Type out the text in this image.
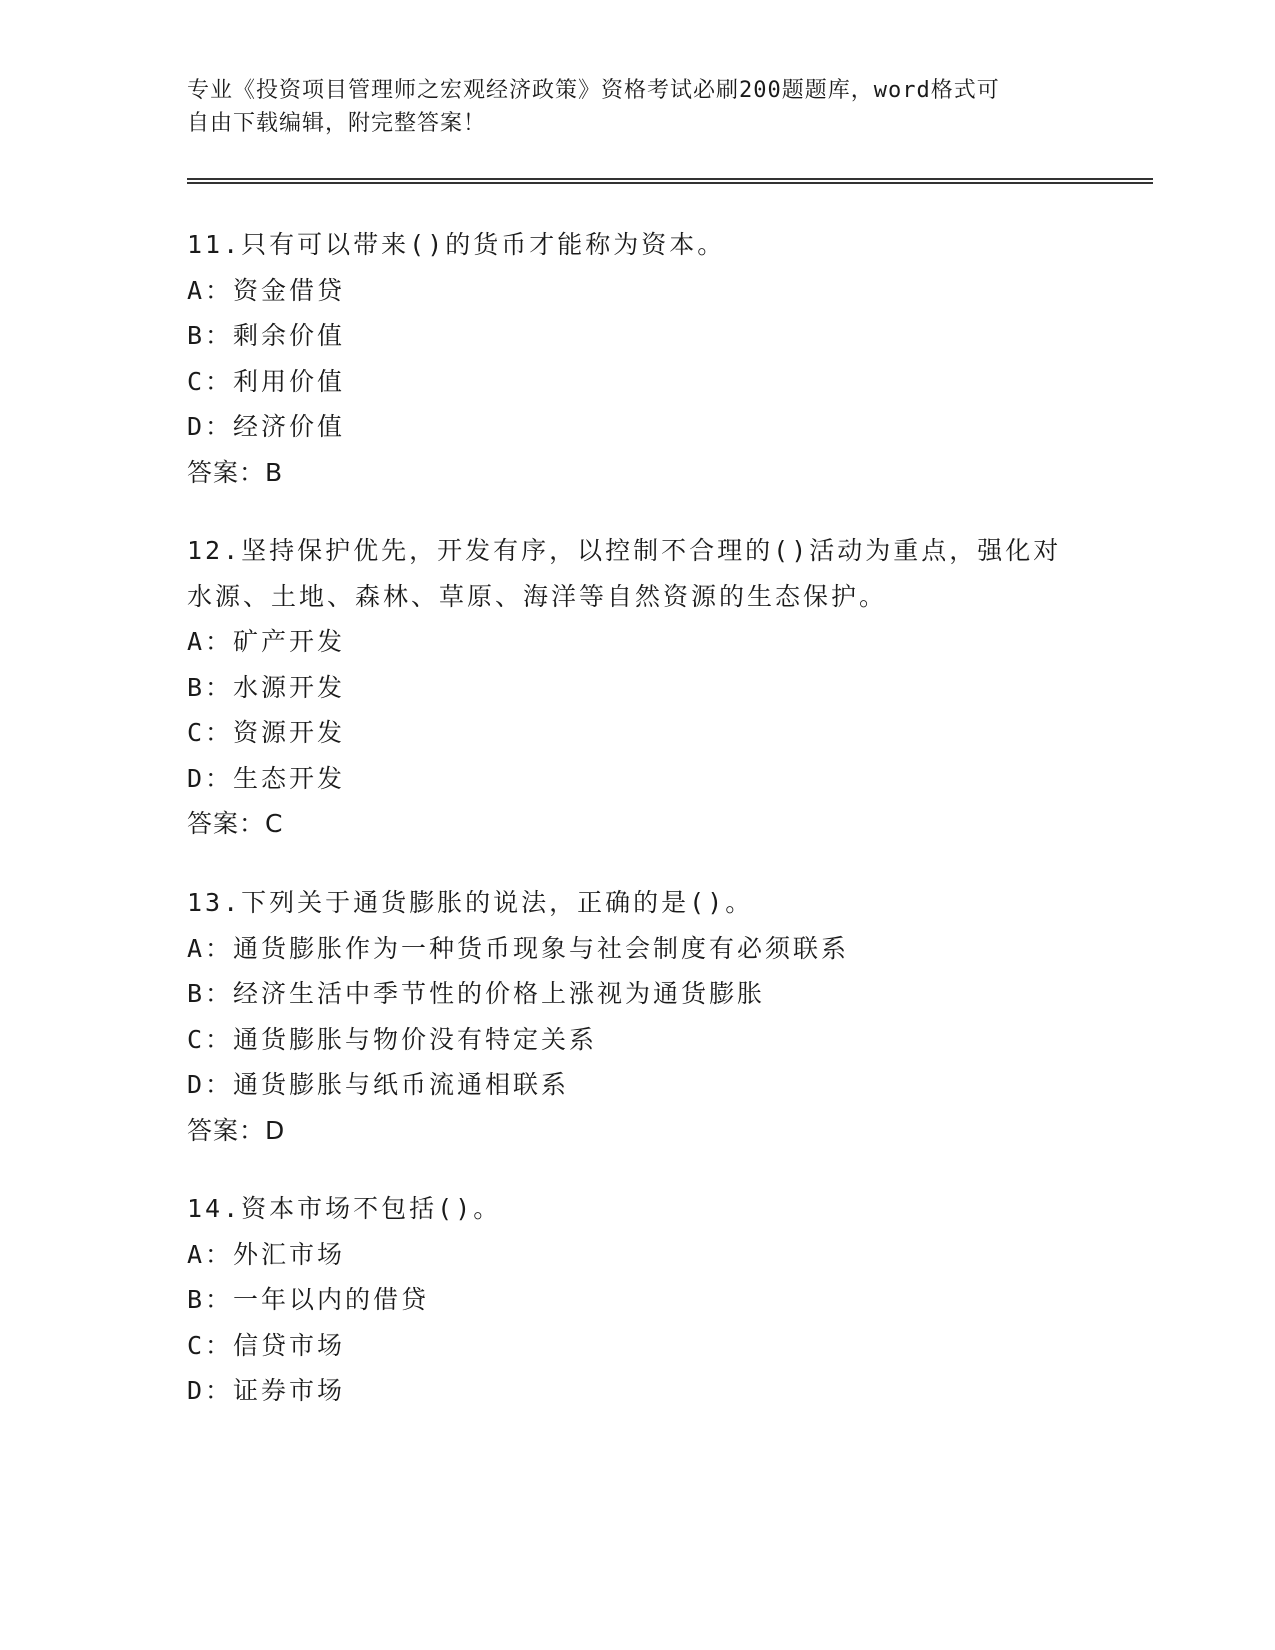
专业《投资项目管理师之宏观经济政策》资格考试必刷200题题库，word格式可
自由下载编辑，附完整答案！
11.只有可以带来()的货币才能称为资本。
A：资金借贷
B：剩余价值
C：利用价值
D：经济价值
答案：B
12.坚持保护优先，开发有序，以控制不合理的()活动为重点，强化对
水源、土地、森林、草原、海洋等自然资源的生态保护。
A：矿产开发
B：水源开发
C：资源开发
D：生态开发
答案：C
13.下列关于通货膨胀的说法，正确的是()。
A：通货膨胀作为一种货币现象与社会制度有必须联系
B：经济生活中季节性的价格上涨视为通货膨胀
C：通货膨胀与物价没有特定关系
D：通货膨胀与纸币流通相联系
答案：D
14.资本市场不包括()。
A：外汇市场
B：一年以内的借贷
C：信贷市场
D：证券市场
